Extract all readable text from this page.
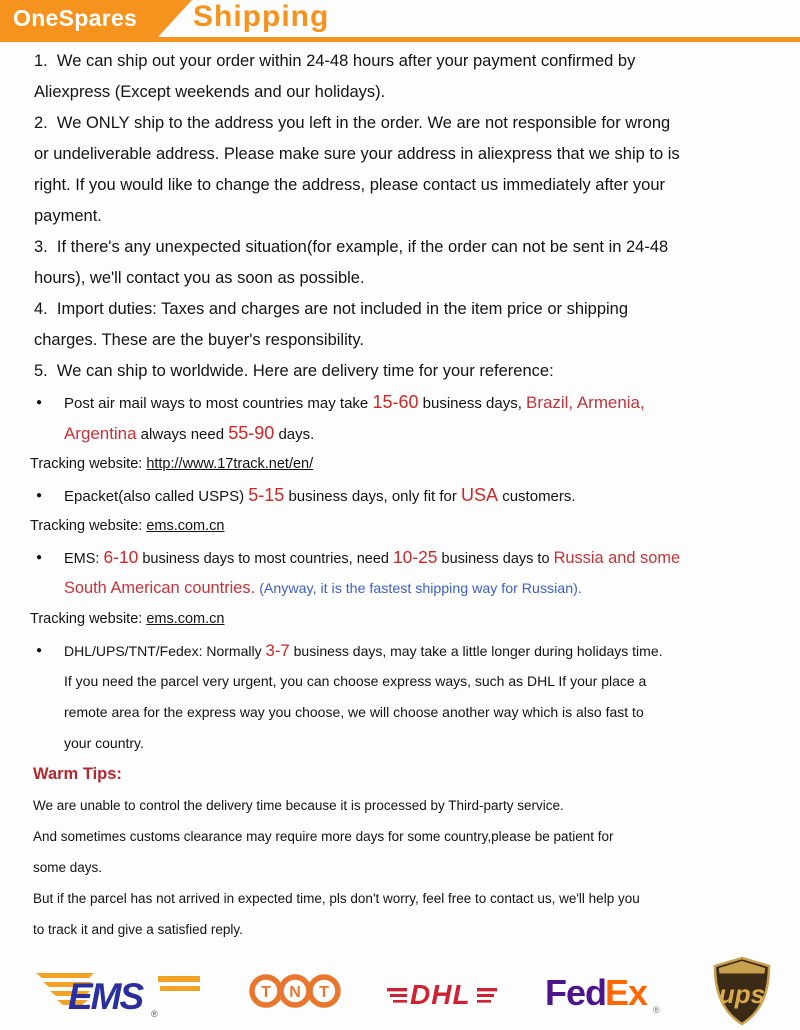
OneSpares	Shipping
1.  We can ship out your order within 24-48 hours after your payment confirmed by
Aliexpress (Except weekends and our holidays).
2.  We ONLY ship to the address you left in the order. We are not responsible for wrong
or undeliverable address. Please make sure your address in aliexpress that we ship to is
right. If you would like to change the address, please contact us immediately after your
payment.
3.  If there's any unexpected situation(for example, if the order can not be sent in 24-48
hours), we'll contact you as soon as possible.
4.  Import duties: Taxes and charges are not included in the item price or shipping
charges. These are the buyer's responsibility.
5.  We can ship to worldwide. Here are delivery time for your reference:
● Post air mail ways to most countries may take 15-60 business days, Brazil, Armenia,
Argentina always need 55-90 days.
Tracking website: http://www.17track.net/en/
● Epacket(also called USPS) 5-15 business days, only fit for USA customers.
Tracking website: ems.com.cn
● EMS: 6-10 business days to most countries, need 10-25 business days to Russia and some
South American countries. (Anyway, it is the fastest shipping way for Russian).
Tracking website: ems.com.cn
● DHL/UPS/TNT/Fedex: Normally 3-7 business days, may take a little longer during holidays time.
If you need the parcel very urgent, you can choose express ways, such as DHL If your place a
remote area for the express way you choose, we will choose another way which is also fast to
your country.
Warm Tips:
We are unable to control the delivery time because it is processed by Third-party service.
And sometimes customs clearance may require more days for some country,please be patient for
some days.
But if the parcel has not arrived in expected time, pls don't worry, feel free to contact us, we'll help you
to track it and give a satisfied reply.
EMS ®
T N T	DHL Fed
Ex ®
ups
